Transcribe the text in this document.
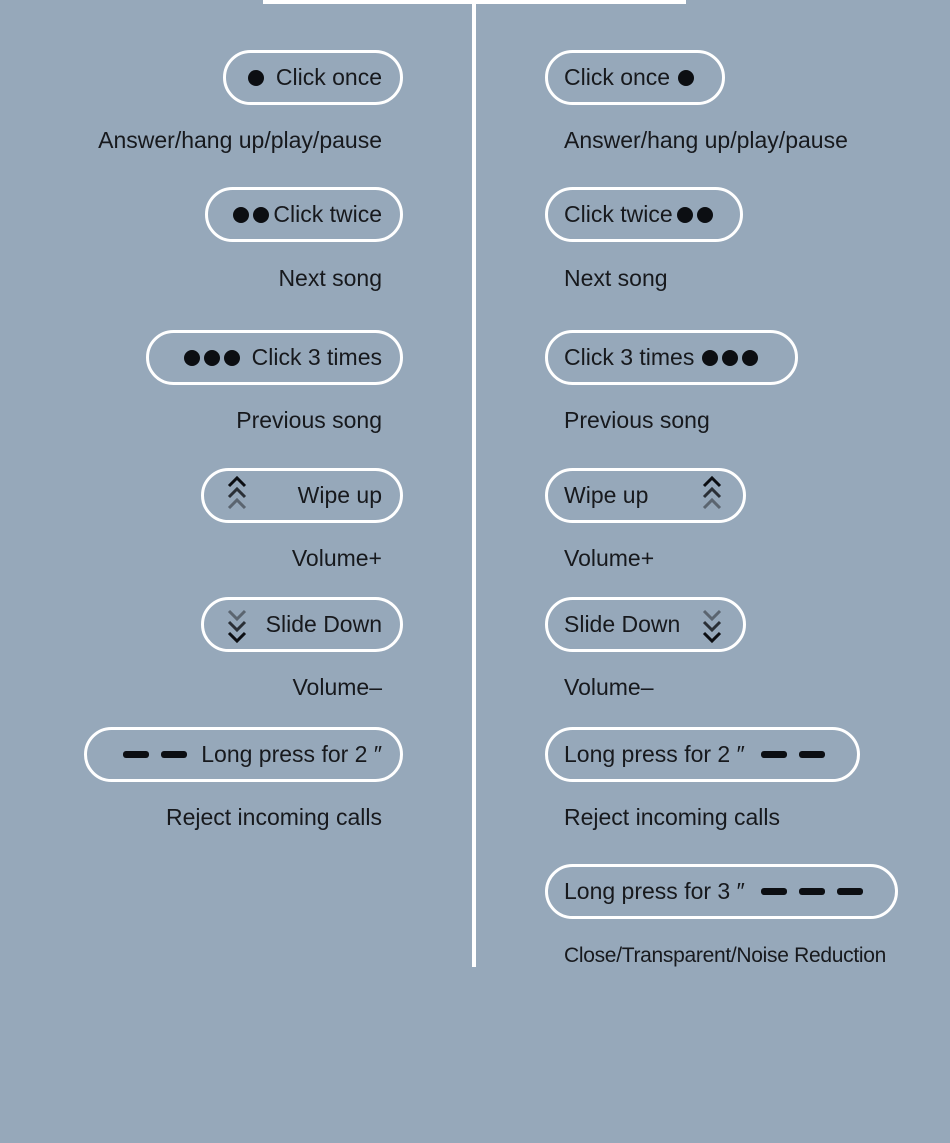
Click once
Answer/hang up/play/pause
Click twice
Next song
Click 3 times
Previous song
Wipe up
Volume+
Slide Down
Volume–
Long press for 2 ″
Reject incoming calls
Click once
Answer/hang up/play/pause
Click twice
Next song
Click 3 times
Previous song
Wipe up
Volume+
Slide Down
Volume–
Long press for 2 ″
Reject incoming calls
Long press for 3 ″
Close/Transparent/Noise Reduction
